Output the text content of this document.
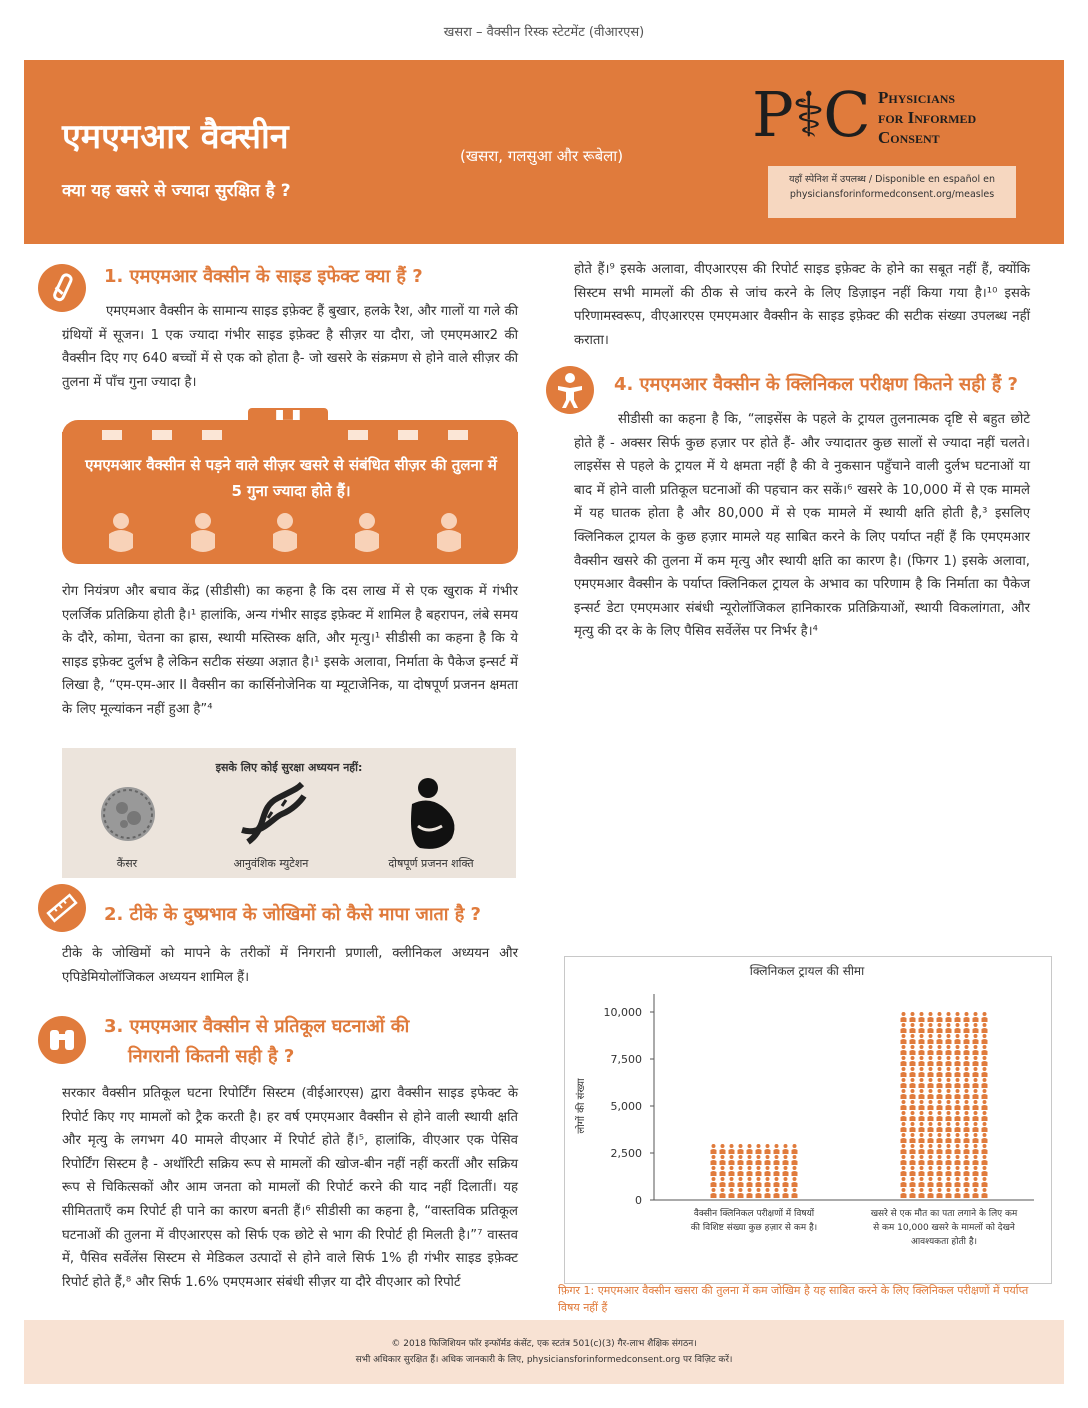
खसरा – वैक्सीन रिस्क स्टेटमेंट (वीआरएस)
एमएमआर वैक्सीन	(खसरा, गलसुआ और रूबेला)
क्या यह खसरे से ज्यादा सुरक्षित है ?
P⚕C Physicians
for Informed
Consent
यहाँ स्पेनिश में उपलब्ध / Disponible en español en
physiciansforinformedconsent.org/measles
1. एमएमआर वैक्सीन के साइड इफेक्ट क्या हैं ?
एमएमआर वैक्सीन के सामान्य साइड इफ़ेक्ट हैं बुखार, हलके रैश, और गालों या गले की ग्रंथियों में सूजन। 1 एक ज्यादा गंभीर साइड इफ़ेक्ट है सीज़र या दौरा, जो एमएमआर2 की वैक्सीन दिए गए 640 बच्चों में से एक को होता है- जो खसरे के संक्रमण से होने वाले सीज़र की तुलना में पाँच गुना ज्यादा है।
एमएमआर वैक्सीन से पड़ने वाले सीज़र खसरे से संबंधित सीज़र की तुलना में 5 गुना ज्यादा होते हैं।
रोग नियंत्रण और बचाव केंद्र (सीडीसी) का कहना है कि दस लाख में से एक खुराक में गंभीर एलर्जिक प्रतिक्रिया होती है।¹ हालांकि, अन्य गंभीर साइड इफ़ेक्ट में शामिल है बहरापन, लंबे समय के दौरे, कोमा, चेतना का ह्रास, स्थायी मस्तिस्क क्षति, और मृत्यु।¹ सीडीसी का कहना है कि ये साइड इफ़ेक्ट दुर्लभ है लेकिन सटीक संख्या अज्ञात है।¹ इसके अलावा, निर्माता के पैकेज इन्सर्ट में लिखा है, “एम-एम-आर II वैक्सीन का कार्सिनोजेनिक या म्यूटाजेनिक, या दोषपूर्ण प्रजनन क्षमता के लिए मूल्यांकन नहीं हुआ है”⁴
इसके लिए कोई सुरक्षा अध्ययन नहीं:
कैंसर	आनुवंशिक म्युटेशन	दोषपूर्ण प्रजनन शक्ति
2. टीके के दुष्प्रभाव के जोखिमों को कैसे मापा जाता है ?
टीके के जोखिमों को मापने के तरीकों में निगरानी प्रणाली, क्लीनिकल अध्ययन और एपिडेमियोलॉजिकल अध्ययन शामिल हैं।
3. एमएमआर वैक्सीन से प्रतिकूल घटनाओं की
निगरानी कितनी सही है ?
सरकार वैक्सीन प्रतिकूल घटना रिपोर्टिंग सिस्टम (वीईआरएस) द्वारा वैक्सीन साइड इफेक्ट के रिपोर्ट किए गए मामलों को ट्रैक करती है। हर वर्ष एमएमआर वैक्सीन से होने वाली स्थायी क्षति और मृत्यु के लगभग 40 मामले वीएआर में रिपोर्ट होते हैं।⁵, हालांकि, वीएआर एक पेसिव रिपोर्टिंग सिस्टम है - अथॉरिटी सक्रिय रूप से मामलों की खोज-बीन नहीं नहीं करतीं और सक्रिय रूप से चिकित्सकों और आम जनता को मामलों की रिपोर्ट करने की याद नहीं दिलातीं। यह सीमितताएँ कम रिपोर्ट ही पाने का कारण बनती हैं।⁶ सीडीसी का कहना है, “वास्तविक प्रतिकूल घटनाओं की तुलना में वीएआरएस को सिर्फ एक छोटे से भाग की रिपोर्ट ही मिलती है।”⁷ वास्तव में, पैसिव सर्वेलेंस सिस्टम से मेडिकल उत्पादों से होने वाले सिर्फ 1% ही गंभीर साइड इफ़ेक्ट रिपोर्ट होते हैं,⁸ और सिर्फ 1.6% एमएमआर संबंधी सीज़र या दौरे वीएआर को रिपोर्ट
होते हैं।⁹ इसके अलावा, वीएआरएस की रिपोर्ट साइड इफ़ेक्ट के होने का सबूत नहीं हैं, क्योंकि सिस्टम सभी मामलों की ठीक से जांच करने के लिए डिज़ाइन नहीं किया गया है।¹⁰ इसके परिणामस्वरूप, वीएआरएस एमएमआर वैक्सीन के साइड इफ़ेक्ट की सटीक संख्या उपलब्ध नहीं कराता।
4. एमएमआर वैक्सीन के क्लिनिकल परीक्षण कितने सही हैं ?
सीडीसी का कहना है कि, “लाइसेंस के पहले के ट्रायल तुलनात्मक दृष्टि से बहुत छोटे होते हैं - अक्सर सिर्फ कुछ हज़ार पर होते हैं- और ज्यादातर कुछ सालों से ज्यादा नहीं चलते। लाइसेंस से पहले के ट्रायल में ये क्षमता नहीं है की वे नुकसान पहुँचाने वाली दुर्लभ घटनाओं या बाद में होने वाली प्रतिकूल घटनाओं की पहचान कर सकें।⁶ खसरे के 10,000 में से एक मामले में यह घातक होता है और 80,000 में से एक मामले में स्थायी क्षति होती है,³ इसलिए क्लिनिकल ट्रायल के कुछ हज़ार मामले यह साबित करने के लिए पर्याप्त नहीं हैं कि एमएमआर वैक्सीन खसरे की तुलना में कम मृत्यु और स्थायी क्षति का कारण है। (फिगर 1) इसके अलावा, एमएमआर वैक्सीन के पर्याप्त क्लिनिकल ट्रायल के अभाव का परिणाम है कि निर्माता का पैकेज इन्सर्ट डेटा एमएमआर संबंधी न्यूरोलॉजिकल हानिकारक प्रतिक्रियाओं, स्थायी विकलांगता, और मृत्यु की दर के के लिए पैसिव सर्वेलेंस पर निर्भर है।⁴
क्लिनिकल ट्रायल की सीमा
10,000
7,500
5,000
2,500
0
लोगों की संख्या
वैक्सीन क्लिनिकल परीक्षणों में विषयों की विशिष्ट संख्या कुछ हज़ार से कम है।
खसरे से एक मौत का पता लगाने के लिए कम से कम 10,000 खसरे के मामलों को देखने आवश्यकता होती है।
फ़िगर 1: एमएमआर वैक्सीन खसरा की तुलना में कम जोखिम है यह साबित करने के लिए क्लिनिकल परीक्षणों में पर्याप्त विषय नहीं हैं
© 2018 फिजिशियन फॉर इन्फॉर्मड कंसेंट, एक स्टतंत्र 501(c)(3) गैर-लाभ शैक्षिक संगठन।
सभी अधिकार सुरक्षित हैं। अधिक जानकारी के लिए, physiciansforinformedconsent.org पर विज़िट करें।
